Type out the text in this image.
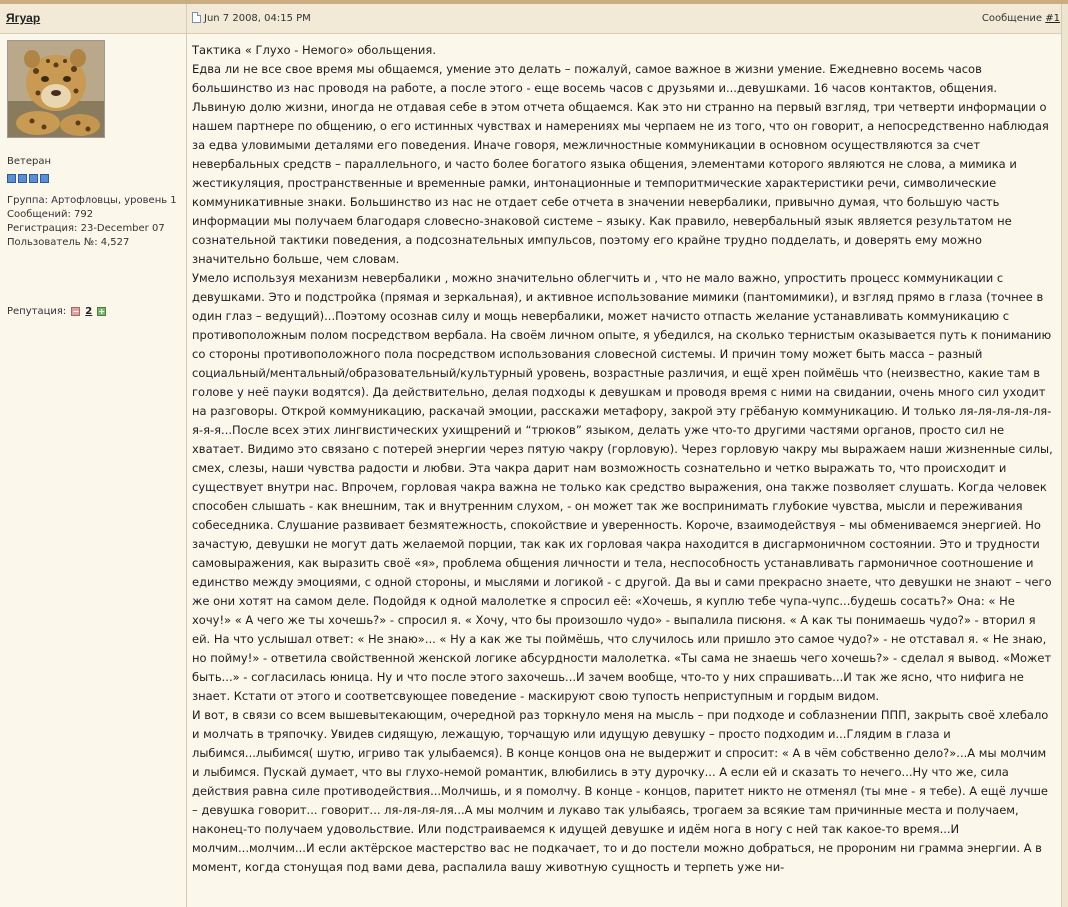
Ягуар	Jun 7 2008, 04:15 PM	Сообщение #1
Ветеран
Группа: Артофловцы, уровень 1
Сообщений: 792
Регистрация: 23-December 07
Пользователь №: 4,527
Репутация: − 2 +

Тактика « Глухо - Немого» обольщения.

Едва ли не все свое время мы общаемся, умение это делать – пожалуй, самое важное в жизни умение. Ежедневно восемь часов большинство из нас проводя на работе, а после этого - еще восемь часов с друзьями и...девушками. 16 часов контактов, общения. Львиную долю жизни, иногда не отдавая себе в этом отчета общаемся. Как это ни странно на первый взгляд, три четверти информации о нашем партнере по общению, о его истинных чувствах и намерениях мы черпаем не из того, что он говорит, а непосредственно наблюдая за едва уловимыми деталями его поведения. Иначе говоря, межличностные коммуникации в основном осуществляются за счет невербальных средств – параллельного, и часто более богатого языка общения, элементами которого являются не слова, а мимика и жестикуляция, пространственные и временные рамки, интонационные и темпоритмические характеристики речи, символические коммуникативные знаки. Большинство из нас не отдает себе отчета в значении невербалики, привычно думая, что большую часть информации мы получаем благодаря словесно-знаковой системе – языку. Как правило, невербальный язык является результатом не сознательной тактики поведения, а подсознательных импульсов, поэтому его крайне трудно подделать, и доверять ему можно значительно больше, чем словам.

Умело используя механизм невербалики , можно значительно облегчить и , что не мало важно, упростить процесс коммуникации с девушками. Это и подстройка (прямая и зеркальная), и активное использование мимики (пантомимики), и взгляд прямо в глаза (точнее в один глаз – ведущий)...Поэтому осознав силу и мощь невербалики, может начисто отпасть желание устанавливать коммуникацию с противоположным полом посредством вербала. На своём личном опыте, я убедился, на сколько тернистым оказывается путь к пониманию со стороны противоположного пола посредством использования словесной системы. И причин тому может быть масса – разный социальный/ментальный/образовательный/культурный уровень, возрастные различия, и ещё хрен поймёшь что (неизвестно, какие там в голове у неё пауки водятся). Да действительно, делая подходы к девушкам и проводя время с ними на свидании, очень много сил уходит на разговоры. Открой коммуникацию, раскачай эмоции, расскажи метафору, закрой эту грёбаную коммуникацию. И только ля-ля-ля-ля-ля-я-я-я...После всех этих лингвистических ухищрений и “трюков” языком, делать уже что-то другими частями органов, просто сил не хватает. Видимо это связано с потерей энергии через пятую чакру (горловую). Через горловую чакру мы выражаем наши жизненные силы, смех, слезы, наши чувства радости и любви. Эта чакра дарит нам возможность сознательно и четко выражать то, что происходит и существует внутри нас. Впрочем, горловая чакра важна не только как средство выражения, она также позволяет слушать. Когда человек способен слышать - как внешним, так и внутренним слухом, - он может так же воспринимать глубокие чувства, мысли и переживания собеседника. Слушание развивает безмятежность, спокойствие и уверенность. Короче, взаимодействуя – мы обмениваемся энергией. Но зачастую, девушки не могут дать желаемой порции, так как их горловая чакра находится в дисгармоничном состоянии. Это и трудности самовыражения, как выразить своё «я», проблема общения личности и тела, неспособность устанавливать гармоничное соотношение и единство между эмоциями, с одной стороны, и мыслями и логикой - с другой. Да вы и сами прекрасно знаете, что девушки не знают – чего же они хотят на самом деле. Подойдя к одной малолетке я спросил её: «Хочешь, я куплю тебе чупа-чупс...будешь сосать?» Она: « Не хочу!» « А чего же ты хочешь?» - спросил я. « Хочу, что бы произошло чудо» - выпалила писюня. « А как ты понимаешь чудо?» - вторил я ей. На что услышал ответ: « Не знаю»... « Ну а как же ты поймёшь, что случилось или пришло это самое чудо?» - не отставал я. « Не знаю, но пойму!» - ответила свойственной женской логике абсурдности малолетка. «Ты сама не знаешь чего хочешь?» - сделал я вывод. «Может быть...» - согласилась юница. Ну и что после этого захочешь...И зачем вообще, что-то у них спрашивать...И так же ясно, что нифига не знает. Кстати от этого и соответсвующее поведение - маскируют свою тупость неприступным и гордым видом.

И вот, в связи со всем вышевытекающим, очередной раз торкнуло меня на мысль – при подходе и соблазнении ППП, закрыть своё хлебало и молчать в тряпочку. Увидев сидящую, лежащую, торчащую или идущую девушку – просто подходим и...Глядим в глаза и лыбимся...лыбимся( шутю, игриво так улыбаемся). В конце концов она не выдержит и спросит: « А в чём собственно дело?»...А мы молчим и лыбимся. Пускай думает, что вы глухо-немой романтик, влюбились в эту дурочку... А если ей и сказать то нечего...Ну что же, сила действия равна силе противодействия...Молчишь, и я помолчу. В конце - концов, паритет никто не отменял (ты мне - я тебе). А ещё лучше – девушка говорит... говорит... ля-ля-ля-ля...А мы молчим и лукаво так улыбаясь, трогаем за всякие там причинные места и получаем, наконец-то получаем удовольствие. Или подстраиваемся к идущей девушке и идём нога в ногу с ней так какое-то время...И молчим...молчим...И если актёрское мастерство вас не подкачает, то и до постели можно добраться, не пророним ни грамма энергии. А в момент, когда стонущая под вами дева, распалила вашу животную сущность и терпеть уже ни-
